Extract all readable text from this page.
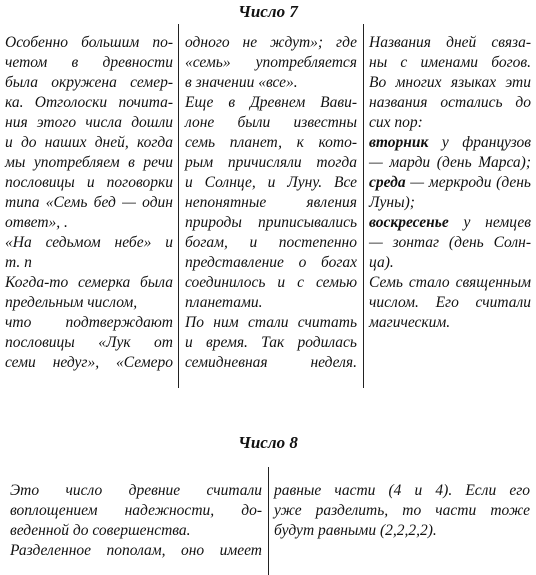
Число 7

Особенно большим по-

четом в древности

была окружена семер-

ка. Отголоски почита-

ния этого числа дошли

и до наших дней, когда

мы употребляем в речи

пословицы и поговорки

типа «Семь бед — один

ответ», .

«На седьмом небе» и

т. п

Когда-то семерка была

предельным числом,

что подтверждают

пословицы «Лук от

семи недуг», «Семеро

одного не ждут»; где

«семь» употребляется

в значении «все».

Еще в Древнем Вави-

лоне были известны

семь планет, к кото-

рым причисляли тогда

и Солнце, и Луну. Все

непонятные явления

природы приписывались

богам, и постепенно

представление о богах

соединилось и с семью

планетами.

По ним стали считать

и время. Так родилась

семидневная неделя.

Названия дней связа-

ны с именами богов.

Во многих языках эти

названия остались до

сих пор:

вторник у французов

— марди (день Марса);

среда — меркроди (день

Луны);

воскресенье у немцев

— зонтаг (день Солн-

ца).

Семь стало священным

числом. Его считали

магическим.

Число 8

Это число древние считали

воплощением надежности, до-

веденной до совершенства.

Разделенное пополам, оно имеет

равные части (4 и 4). Если его

уже разделить, то части тоже

будут равными (2,2,2,2).
